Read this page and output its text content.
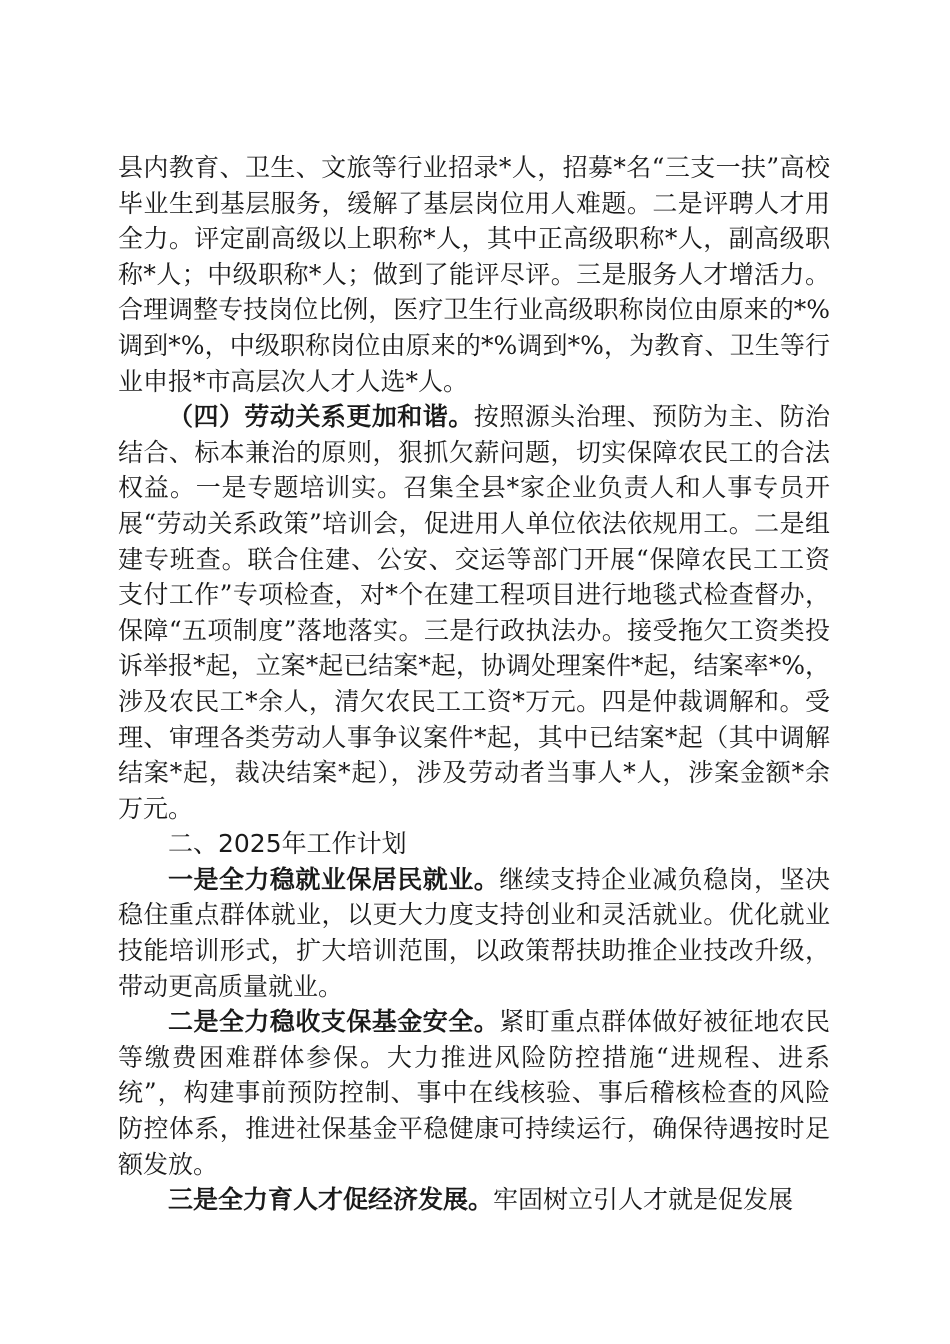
县内教育、卫生、文旅等行业招录*人，招募*名“三支一扶”高校毕业生到基层服务，缓解了基层岗位用人难题。二是评聘人才用全力。评定副高级以上职称*人，其中正高级职称*人，副高级职称*人；中级职称*人；做到了能评尽评。三是服务人才增活力。合理调整专技岗位比例，医疗卫生行业高级职称岗位由原来的*%调到*%，中级职称岗位由原来的*%调到*%，为教育、卫生等行业申报*市高层次人才人选*人。

（四）劳动关系更加和谐。按照源头治理、预防为主、防治结合、标本兼治的原则，狠抓欠薪问题，切实保障农民工的合法权益。一是专题培训实。召集全县*家企业负责人和人事专员开展“劳动关系政策”培训会，促进用人单位依法依规用工。二是组建专班查。联合住建、公安、交运等部门开展“保障农民工工资支付工作”专项检查，对*个在建工程项目进行地毯式检查督办，保障“五项制度”落地落实。三是行政执法办。接受拖欠工资类投诉举报*起，立案*起已结案*起，协调处理案件*起，结案率*%，涉及农民工*余人，清欠农民工工资*万元。四是仲裁调解和。受理、审理各类劳动人事争议案件*起，其中已结案*起（其中调解结案*起，裁决结案*起），涉及劳动者当事人*人，涉案金额*余万元。

二、2025年工作计划

一是全力稳就业保居民就业。继续支持企业减负稳岗，坚决稳住重点群体就业，以更大力度支持创业和灵活就业。优化就业技能培训形式，扩大培训范围，以政策帮扶助推企业技改升级，带动更高质量就业。

二是全力稳收支保基金安全。紧盯重点群体做好被征地农民等缴费困难群体参保。大力推进风险防控措施“进规程、进系统”，构建事前预防控制、事中在线核验、事后稽核检查的风险防控体系，推进社保基金平稳健康可持续运行，确保待遇按时足额发放。

三是全力育人才促经济发展。牢固树立引人才就是促发展
